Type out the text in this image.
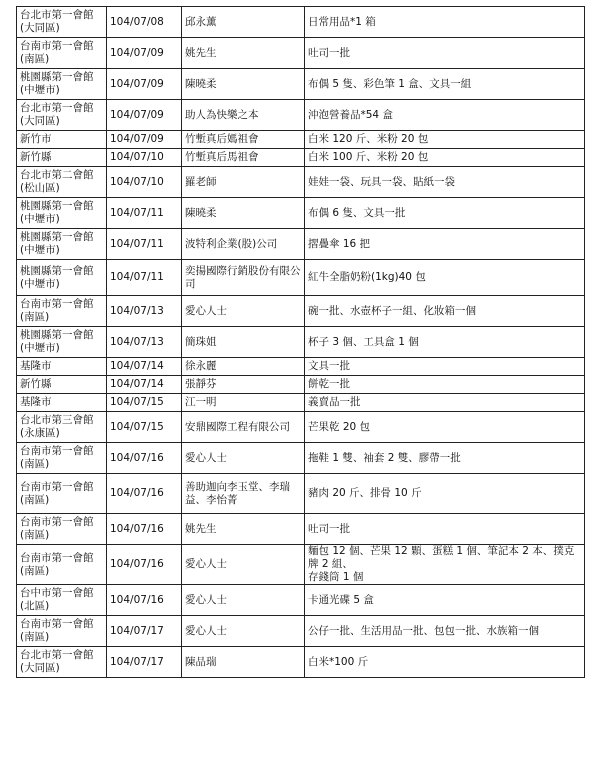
台北市第一會館
(大同區)	104/07/08	邱永薰	日常用品*1 箱
台南市第一會館
(南區)	104/07/09	姚先生	吐司一批
桃園縣第一會館
(中壢市)	104/07/09	陳曉柔	布偶 5 隻、彩色筆 1 盒、文具一組
台北市第一會館
(大同區)	104/07/09	助人為快樂之本	沖泡營養品*54 盒
新竹市	104/07/09	竹塹真后媽祖會	白米 120 斤、米粉 20 包
新竹縣	104/07/10	竹塹真后馬祖會	白米 100 斤、米粉 20 包
台北市第二會館
(松山區)	104/07/10	羅老師	娃娃一袋、玩具一袋、貼紙一袋
桃園縣第一會館
(中壢市)	104/07/11	陳曉柔	布偶 6 隻、文具一批
桃園縣第一會館
(中壢市)	104/07/11	波特利企業(股)公司	摺疊傘 16 把
桃園縣第一會館
(中壢市)	104/07/11	奕揚國際行銷股份有限公司	紅牛全脂奶粉(1kg)40 包
台南市第一會館
(南區)	104/07/13	愛心人士	碗一批、水壺杯子一組、化妝箱一個
桃園縣第一會館
(中壢市)	104/07/13	簡珠姐	杯子 3 個、工具盒 1 個
基隆市	104/07/14	徐永麗	文具一批
新竹縣	104/07/14	張靜芬	餅乾一批
基隆市	104/07/15	江一明	義賣品一批
台北市第三會館
(永康區)	104/07/15	安鼎國際工程有限公司	芒果乾 20 包
台南市第一會館
(南區)	104/07/16	愛心人士	拖鞋 1 雙、袖套 2 雙、膠帶一批
台南市第一會館
(南區)	104/07/16	善助迦向李玉堂、李瑞
益、李怡菁	豬肉 20 斤、排骨 10 斤
台南市第一會館
(南區)	104/07/16	姚先生	吐司一批
台南市第一會館
(南區)	104/07/16	愛心人士	麵包 12 個、芒果 12 顆、蛋糕 1 個、筆記本 2 本、撲克牌 2 組、
存錢筒 1 個
台中市第一會館
(北區)	104/07/16	愛心人士	卡通光碟 5 盒
台南市第一會館
(南區)	104/07/17	愛心人士	公仔一批、生活用品一批、包包一批、水族箱一個
台北市第一會館
(大同區)	104/07/17	陳品瑞	白米*100 斤
